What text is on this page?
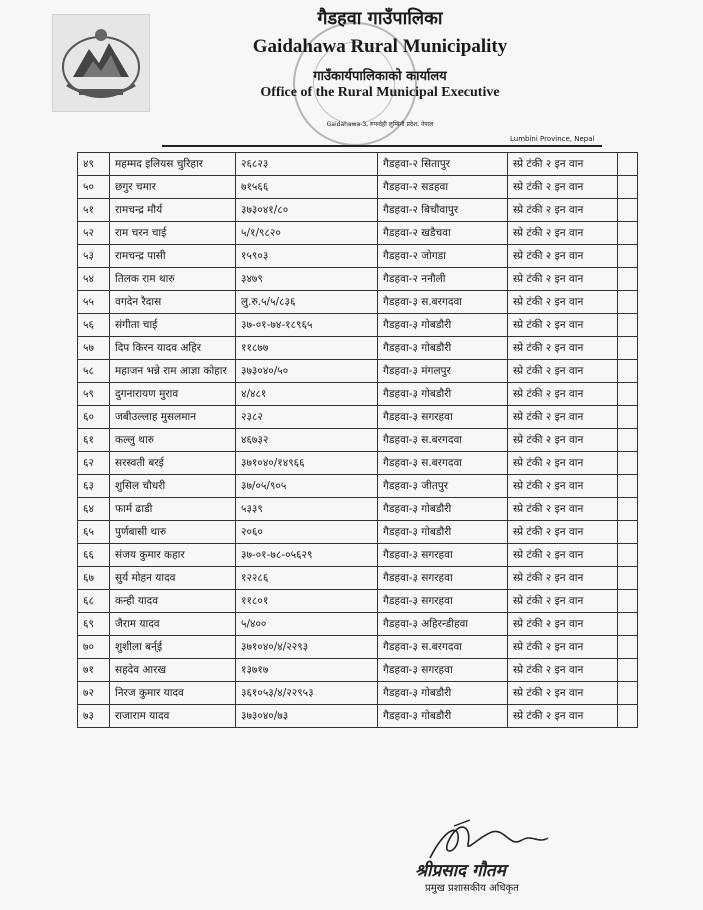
गैडहवा गाउँपालिका
Gaidahawa Rural Municipality
गाउँकार्यपालिकाको कार्यालय
Office of the Rural Municipal Executive
Gaidahawa-3, रुपन्देही लुम्बिनी प्रदेश, नेपाल
Lumbini Province, Nepal
४९	महम्मद इलियस चुरिहार	२६८२३	गैडहवा-२ सितापुर	स्प्रे टंकी २ इन वान	
५०	छगुर चमार	७१५६६	गैडहवा-२ सडहवा	स्प्रे टंकी २ इन वान	
५१	रामचन्द्र मौर्य	३७३०४१/८०	गैडहवा-२ बिचौवापुर	स्प्रे टंकी २ इन वान	
५२	राम चरन चाई	५/१/९८२०	गैडहवा-२ खडैचवा	स्प्रे टंकी २ इन वान	
५३	रामचन्द्र पासी	१५९०३	गैडहवा-२ जोगडा	स्प्रे टंकी २ इन वान	
५४	तिलक राम थारु	३४७९	गैडहवा-२ ननौली	स्प्रे टंकी २ इन वान	
५५	वगदेन रैदास	लु.रु.५/५/८३६	गैडहवा-३ स.बरगदवा	स्प्रे टंकी २ इन वान	
५६	संगीता चाई	३७-०१-७४-१८९६५	गैडहवा-३ गोबडौरी	स्प्रे टंकी २ इन वान	
५७	दिप किरन यादव अहिर	११८७७	गैडहवा-३ गोबडौरी	स्प्रे टंकी २ इन वान	
५८	महाजन भन्ने राम आज्ञा कोहार	३७३०४०/५०	गैडहवा-३ मंगलपुर	स्प्रे टंकी २ इन वान	
५९	दुगनारायण मुराव	४/४८१	गैडहवा-३ गोबडौरी	स्प्रे टंकी २ इन वान	
६०	जबीउल्लाह मुसलमान	२३८२	गैडहवा-३ सगरहवा	स्प्रे टंकी २ इन वान	
६१	कल्लु थारु	४६७३२	गैडहवा-३ स.बरगदवा	स्प्रे टंकी २ इन वान	
६२	सरस्वती बरई	३७१०४०/१४९६६	गैडहवा-३ स.बरगदवा	स्प्रे टंकी २ इन वान	
६३	शुसिल चौधरी	३७/०५/९०५	गैडहवा-३ जीतपुर	स्प्रे टंकी २ इन वान	
६४	फार्म ढाडी	५३३९	गैडहवा-३ गोबडौरी	स्प्रे टंकी २ इन वान	
६५	पुर्णबासी थारु	२०६०	गैडहवा-३ गोबडौरी	स्प्रे टंकी २ इन वान	
६६	संजय कुमार कहार	३७-०१-७८-०५६२९	गैडहवा-३ सगरहवा	स्प्रे टंकी २ इन वान	
६७	सुर्य मोहन यादव	१२२८६	गैडहवा-३ सगरहवा	स्प्रे टंकी २ इन वान	
६८	कन्ही यादव	११८०१	गैडहवा-३ सगरहवा	स्प्रे टंकी २ इन वान	
६९	जैराम यादव	५/४००	गैडहवा-३ अहिरन्डीहवा	स्प्रे टंकी २ इन वान	
७०	शुशीला बर्न्ई	३७१०४०/४/२२९३	गैडहवा-३ स.बरगदवा	स्प्रे टंकी २ इन वान	
७१	सहदेव आरख	१३७१७	गैडहवा-३ सगरहवा	स्प्रे टंकी २ इन वान	
७२	निरज कुमार यादव	३६१०५३/४/२२९५३	गैडहवा-३ गोबडौरी	स्प्रे टंकी २ इन वान	
७३	राजाराम यादव	३७३०४०/७३	गैडहवा-३ गोबडौरी	स्प्रे टंकी २ इन वान	
श्रीप्रसाद गौतम
प्रमुख प्रशासकीय अधिकृत
